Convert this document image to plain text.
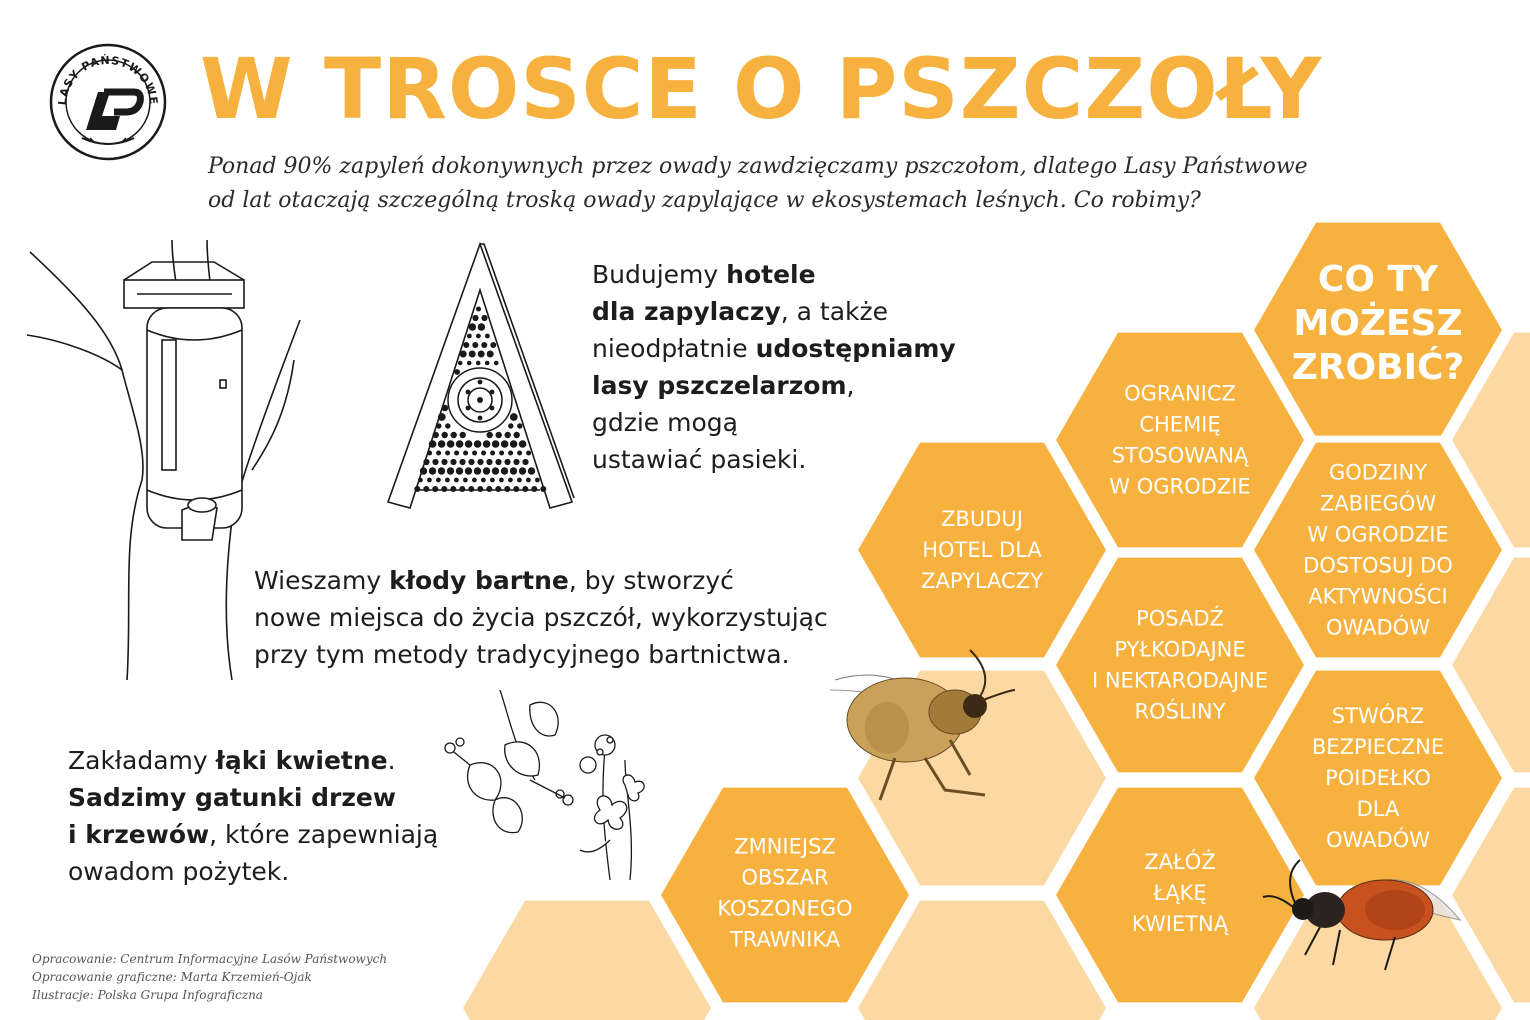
CO TY
MOŻESZ
ZROBIĆ?
OGRANICZ
CHEMIĘ
STOSOWANĄ
W OGRODZIE
GODZINY
ZABIEGÓW
W OGRODZIE
DOSTOSUJ DO
AKTYWNOŚCI
OWADÓW
ZBUDUJ
HOTEL DLA
ZAPYLACZY
POSADŹ
PYŁKODAJNE
I NEKTARODAJNE
ROŚLINY	STWÓRZ
BEZPIECZNE
POIDEŁKO
DLA
OWADÓW
ZMNIEJSZ
OBSZAR
KOSZONEGO
TRAWNIKA
ZAŁÓŻ
ŁĄKĘ
KWIETNĄ
LASY PAŃSTWOWE W TROSCE O PSZCZOŁY
Ponad 90% zapyleń dokonywnych przez owady zawdzięczamy pszczołom, dlatego Lasy Państwowe
od lat otaczają szczególną troską owady zapylające w ekosystemach leśnych. Co robimy?
Budujemy hotele
dla zapylaczy, a także
nieodpłatnie udostępniamy
lasy pszczelarzom,
gdzie mogą
ustawiać pasieki.
Wieszamy kłody bartne, by stworzyć
nowe miejsca do życia pszczół, wykorzystując
przy tym metody tradycyjnego bartnictwa.
Zakładamy łąki kwietne.
Sadzimy gatunki drzew
i krzewów, które zapewniają
owadom pożytek.
Opracowanie: Centrum Informacyjne Lasów Państwowych
Opracowanie graficzne: Marta Krzemień-Ojak
Ilustracje: Polska Grupa Infograficzna
